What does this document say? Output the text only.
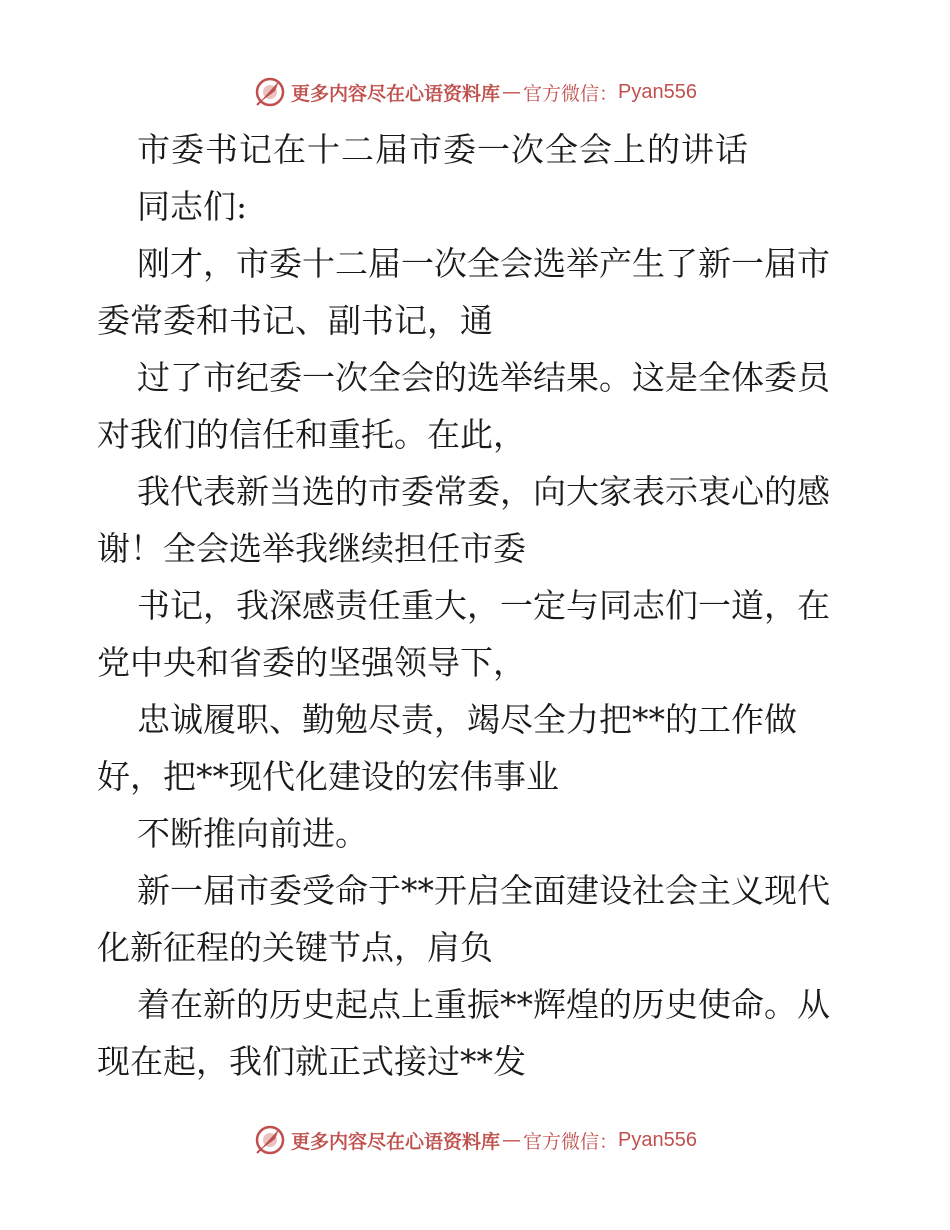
更多内容尽在心语资料库 — 官方微信： Pyan556
市委书记在十二届市委一次全会上的讲话
同志们:
刚才，市委十二届一次全会选举产生了新一届市
委常委和书记、副书记，通
过了市纪委一次全会的选举结果。这是全体委员
对我们的信任和重托。在此，
我代表新当选的市委常委，向大家表示衷心的感
谢！全会选举我继续担任市委
书记，我深感责任重大，一定与同志们一道，在
党中央和省委的坚强领导下，
忠诚履职、勤勉尽责，竭尽全力把**的工作做
好，把**现代化建设的宏伟事业
不断推向前进。
新一届市委受命于**开启全面建设社会主义现代
化新征程的关键节点，肩负
着在新的历史起点上重振**辉煌的历史使命。从
现在起，我们就正式接过**发
更多内容尽在心语资料库 — 官方微信： Pyan556
